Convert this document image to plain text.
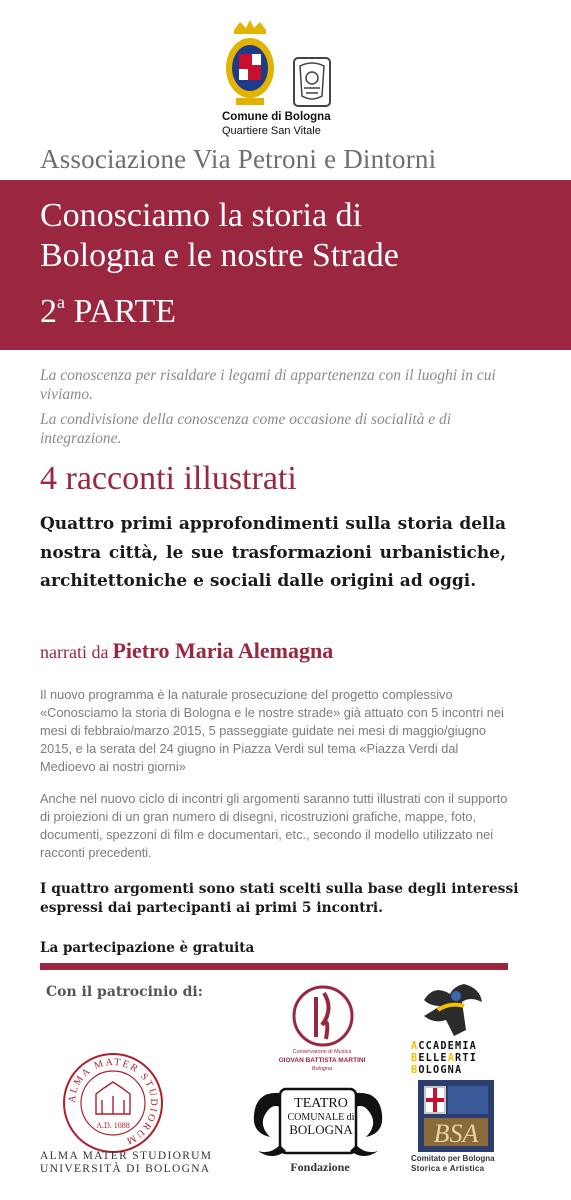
Comune di Bologna
Quartiere San Vitale
Associazione Via Petroni e Dintorni
Conosciamo la storia di
Bologna e le nostre Strade
2$^a$ PARTE
La conoscenza per risaldare i legami di appartenenza con il luoghi in cui viviamo.
La condivisione della conoscenza come occasione di socialità e di integrazione.
4 racconti illustrati
Quattro primi approfondimenti sulla storia della nostra città, le sue trasformazioni urbanistiche, architettoniche e sociali dalle origini ad oggi.
narrati da Pietro Maria Alemagna
Il nuovo programma è la naturale prosecuzione del progetto complessivo «Conosciamo la storia di Bologna e le nostre strade» già attuato con 5 incontri nei mesi di febbraio/marzo 2015, 5 passeggiate guidate nei mesi di maggio/giugno 2015, e la serata del 24 giugno in Piazza Verdi sul tema «Piazza Verdi dal Medioevo ai nostri giorni»
Anche nel nuovo ciclo di incontri gli argomenti saranno tutti illustrati con il supporto di proiezioni di un gran numero di disegni, ricostruzioni grafiche, mappe, foto, documenti, spezzoni di film e documentari, etc., secondo il modello utilizzato nei racconti precedenti.
I quattro argomenti sono stati scelti sulla base degli interessi espressi dai partecipanti ai primi 5 incontri.
La partecipazione è gratuita
Con il patrocinio di:
Conservatorio di Musica
GIOVAN BATTISTA MARTINI
Bologna
ACCADEMIA
BELLEARTI
BOLOGNA
ALMA MATER STUDIORUM
A.D. 1088
ALMA MATER STUDIORUM
UNIVERSITÀ DI BOLOGNA
TEATRO
COMUNALE di
BOLOGNA
Fondazione
BSA
Comitato per Bologna
Storica e Artistica
